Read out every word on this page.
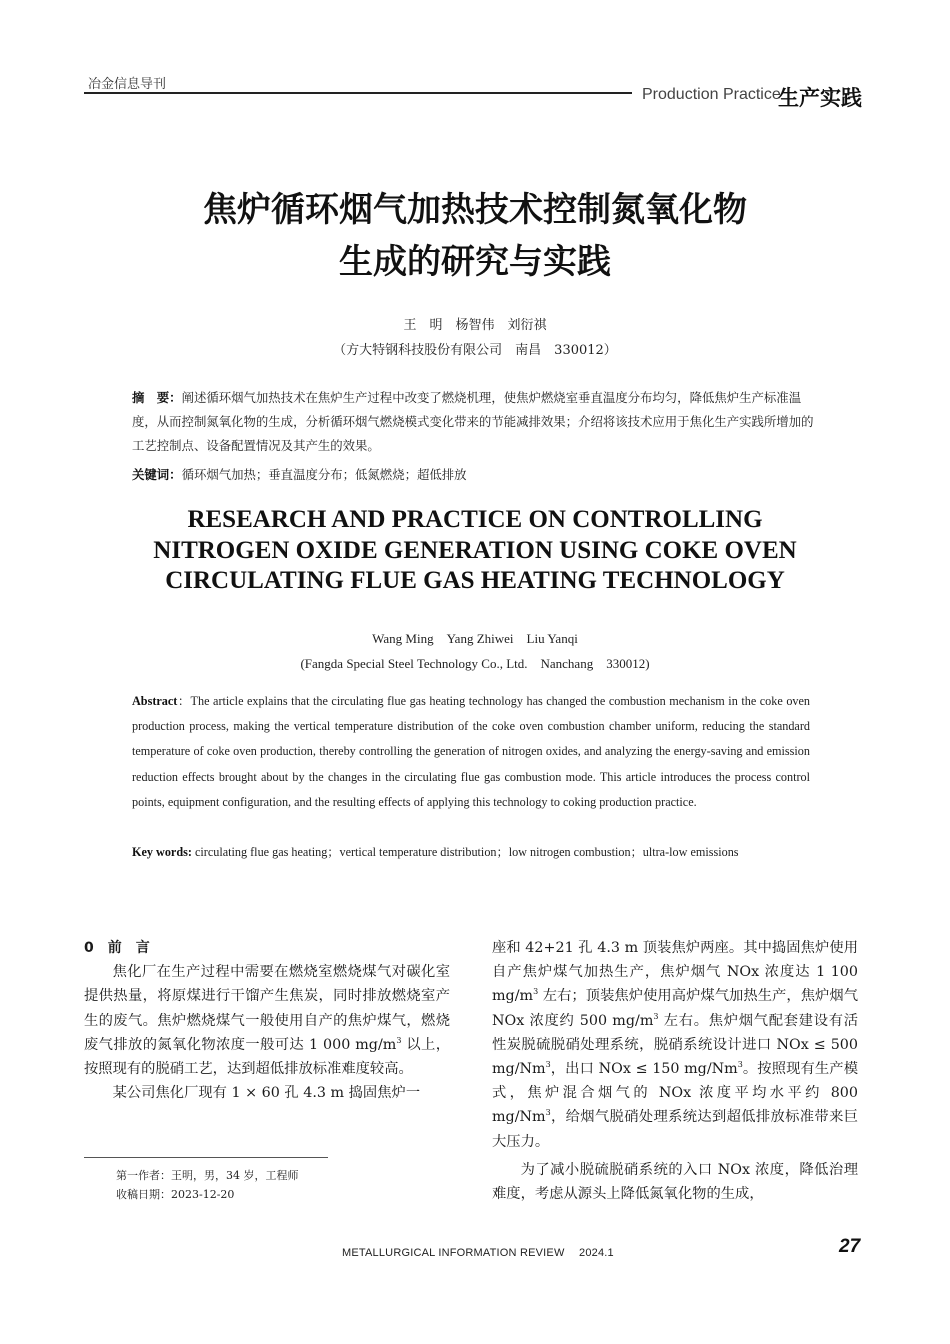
冶金信息导刊
Production Practice
生产实践
焦炉循环烟气加热技术控制氮氧化物
生成的研究与实践
王　明　杨智伟　刘衍祺
（方大特钢科技股份有限公司　南昌　330012）
摘　要：阐述循环烟气加热技术在焦炉生产过程中改变了燃烧机理，使焦炉燃烧室垂直温度分布均匀，降低焦炉生产标准温度，从而控制氮氧化物的生成，分析循环烟气燃烧模式变化带来的节能减排效果；介绍将该技术应用于焦化生产实践所增加的工艺控制点、设备配置情况及其产生的效果。
关键词：循环烟气加热；垂直温度分布；低氮燃烧；超低排放
RESEARCH AND PRACTICE ON CONTROLLING
NITROGEN OXIDE GENERATION USING COKE OVEN
CIRCULATING FLUE GAS HEATING TECHNOLOGY
Wang Ming　Yang Zhiwei　Liu Yanqi
(Fangda Special Steel Technology Co., Ltd.　Nanchang　330012)
Abstract：The article explains that the circulating flue gas heating technology has changed the combustion mechanism in the coke oven production process, making the vertical temperature distribution of the coke oven combustion chamber uniform, reducing the standard temperature of coke oven production, thereby controlling the generation of nitrogen oxides, and analyzing the energy-saving and emission reduction effects brought about by the changes in the circulating flue gas combustion mode. This article introduces the process control points, equipment configuration, and the resulting effects of applying this technology to coking production practice.
Key words: circulating flue gas heating；vertical temperature distribution；low nitrogen combustion；ultra-low emissions

0　前　言

焦化厂在生产过程中需要在燃烧室燃烧煤气对碳化室提供热量，将原煤进行干馏产生焦炭，同时排放燃烧室产生的废气。焦炉燃烧煤气一般使用自产的焦炉煤气，燃烧废气排放的氮氧化物浓度一般可达 1 000 $mg/m^3$ 以上，按照现有的脱硝工艺，达到超低排放标准难度较高。

某公司焦化厂现有 1 × 60 孔 4.3 m 捣固焦炉一

座和 42+21 孔 4.3 m 顶装焦炉两座。其中捣固焦炉使用自产焦炉煤气加热生产，焦炉烟气 NOx 浓度达 1 100 $mg/m^3$ 左右；顶装焦炉使用高炉煤气加热生产，焦炉烟气 NOx 浓度约 500 $mg/m^3$ 左右。焦炉烟气配套建设有活性炭脱硫脱硝处理系统，脱硝系统设计进口 NOx ≤ 500 mg/Nm$^3$，出口 NOx ≤ 150 mg/Nm$^3$。按照现有生产模式，焦炉混合烟气的 NOx 浓度平均水平约 800 mg/Nm$^3$，给烟气脱硝处理系统达到超低排放标准带来巨大压力。

为了减小脱硫脱硝系统的入口 NOx 浓度，降低治理难度，考虑从源头上降低氮氧化物的生成，

第一作者：王明，男，34 岁，工程师
收稿日期：2023-12-20
METALLURGICAL INFORMATION REVIEW　 2024.1	27
